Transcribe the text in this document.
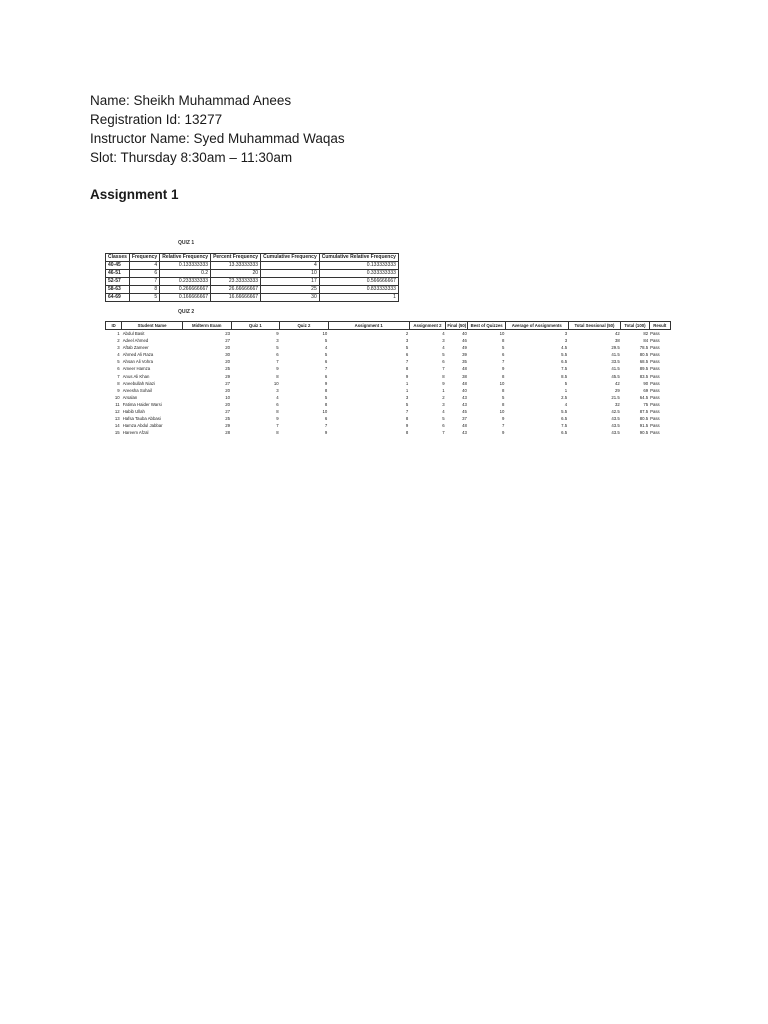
Name: Sheikh Muhammad Anees
Registration Id: 13277
Instructor Name: Syed Muhammad Waqas
Slot: Thursday 8:30am – 11:30am
Assignment 1
QUIZ 1
Classes	Frequency	Relative Frequency	Percent Frequency	Cumulative Frequency	Cumulative Relative Frequency
40-45	4	0.133333333	13.33333333	4	0.133333333
46-51	6	0.2	20	10	0.333333333
52-57	7	0.233333333	23.33333333	17	0.566666667
58-63	8	0.266666667	26.66666667	25	0.833333333
64-69	5	0.166666667	16.66666667	30	1
QUIZ 2
ID	Student Name	Midterm Exam	Quiz 1	Quiz 2	Assignment 1	Assignment 2	Final (50)	Best of Quizzes	Average of Assignments	Total Sessional (50)	Total (100)	Result
1	Abdul Basit	23	9	10	2	4	40	10	3	42	82	Pass
2	Adeel Ahmed	27	3	5	3	3	46	8	3	38	84	Pass
3	Aftab Zameer	20	5	4	5	4	49	5	4.5	29.5	78.5	Pass
4	Ahmed Ali Raza	30	6	5	6	5	39	6	5.5	41.5	80.5	Pass
5	Ahsan Ali Vohra	20	7	6	7	6	35	7	6.5	33.5	68.5	Pass
6	Ameer Hamza	25	9	7	8	7	48	9	7.5	41.5	89.5	Pass
7	Anus Ali Khan	29	8	6	9	8	38	8	8.5	45.5	83.5	Pass
8	Aneebullah Niazi	27	10	9	1	9	48	10	5	42	90	Pass
9	Areesha Sohail	20	3	8	1	1	40	8	1	29	69	Pass
10	Arsalan	10	4	5	3	2	43	5	2.5	21.5	64.5	Pass
11	Fatima Haider Warsi	20	6	8	5	3	43	8	4	32	75	Pass
12	Habib Ullah	27	8	10	7	4	45	10	5.5	42.5	87.5	Pass
13	Hafsa Tauba Abbasi	25	9	6	8	5	37	9	6.5	43.5	80.5	Pass
14	Hamza Abdul Jabbar	29	7	7	9	6	48	7	7.5	43.5	91.5	Pass
15	Hareem Afzal	28	8	9	8	7	43	9	6.5	43.5	90.5	Pass
